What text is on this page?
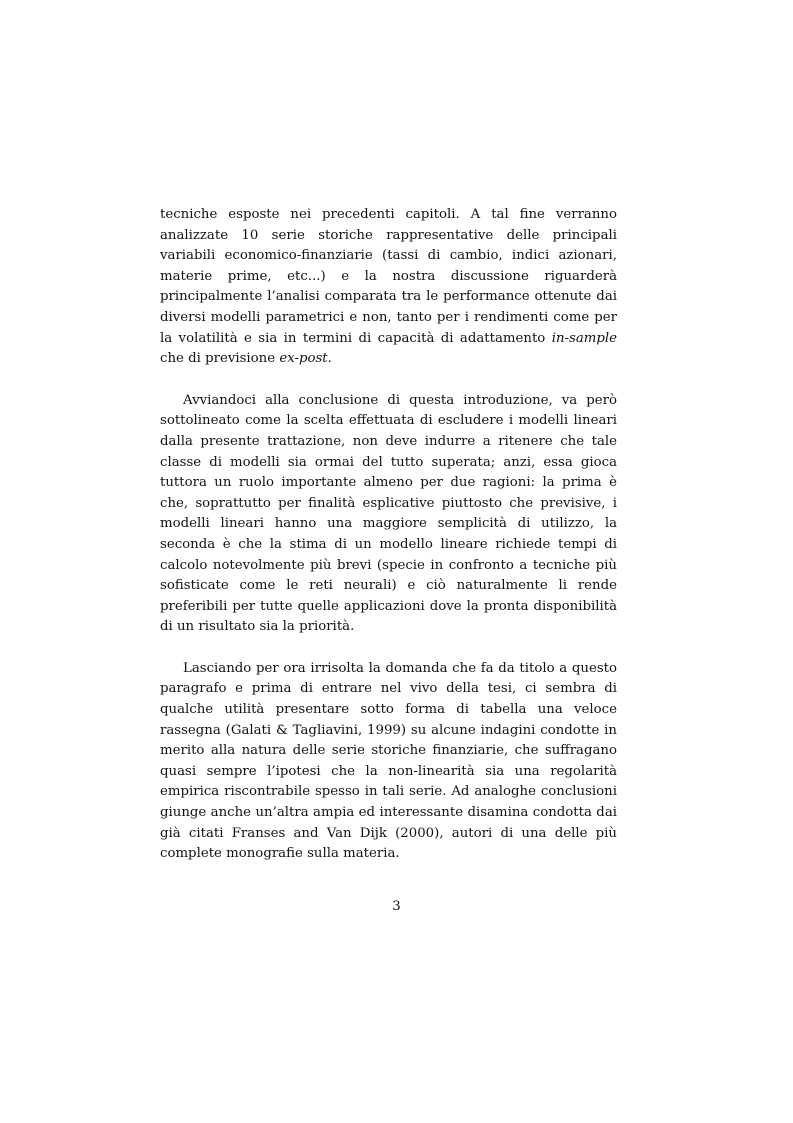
tecniche esposte nei precedenti capitoli. A tal fine verranno analizzate 10 serie storiche rappresentative delle principali variabili economico-finanziarie (tassi di cambio, indici azionari, materie prime, etc...) e la nostra discussione riguarderà principalmente l’analisi comparata tra le performance ottenute dai diversi modelli parametrici e non, tanto per i rendimenti come per la volatilità e sia in termini di capacità di adattamento in-sample che di previsione ex-post.

Avviandoci alla conclusione di questa introduzione, va però sottolineato come la scelta effettuata di escludere i modelli lineari dalla presente trattazione, non deve indurre a ritenere che tale classe di modelli sia ormai del tutto superata; anzi, essa gioca tuttora un ruolo importante almeno per due ragioni: la prima è che, soprattutto per finalità esplicative piuttosto che previsive, i modelli lineari hanno una maggiore semplicità di utilizzo, la seconda è che la stima di un modello lineare richiede tempi di calcolo notevolmente più brevi (specie in confronto a tecniche più sofisticate come le reti neurali) e ciò naturalmente li rende preferibili per tutte quelle applicazioni dove la pronta disponibilità di un risultato sia la priorità.

Lasciando per ora irrisolta la domanda che fa da titolo a questo paragrafo e prima di entrare nel vivo della tesi, ci sembra di qualche utilità presentare sotto forma di tabella una veloce rassegna (Galati & Tagliavini, 1999) su alcune indagini condotte in merito alla natura delle serie storiche finanziarie, che suffragano quasi sempre l’ipotesi che la non-linearità sia una regolarità empirica riscontrabile spesso in tali serie. Ad analoghe conclusioni giunge anche un’altra ampia ed interessante disamina condotta dai già citati Franses and Van Dijk (2000), autori di una delle più complete monografie sulla materia.

3
